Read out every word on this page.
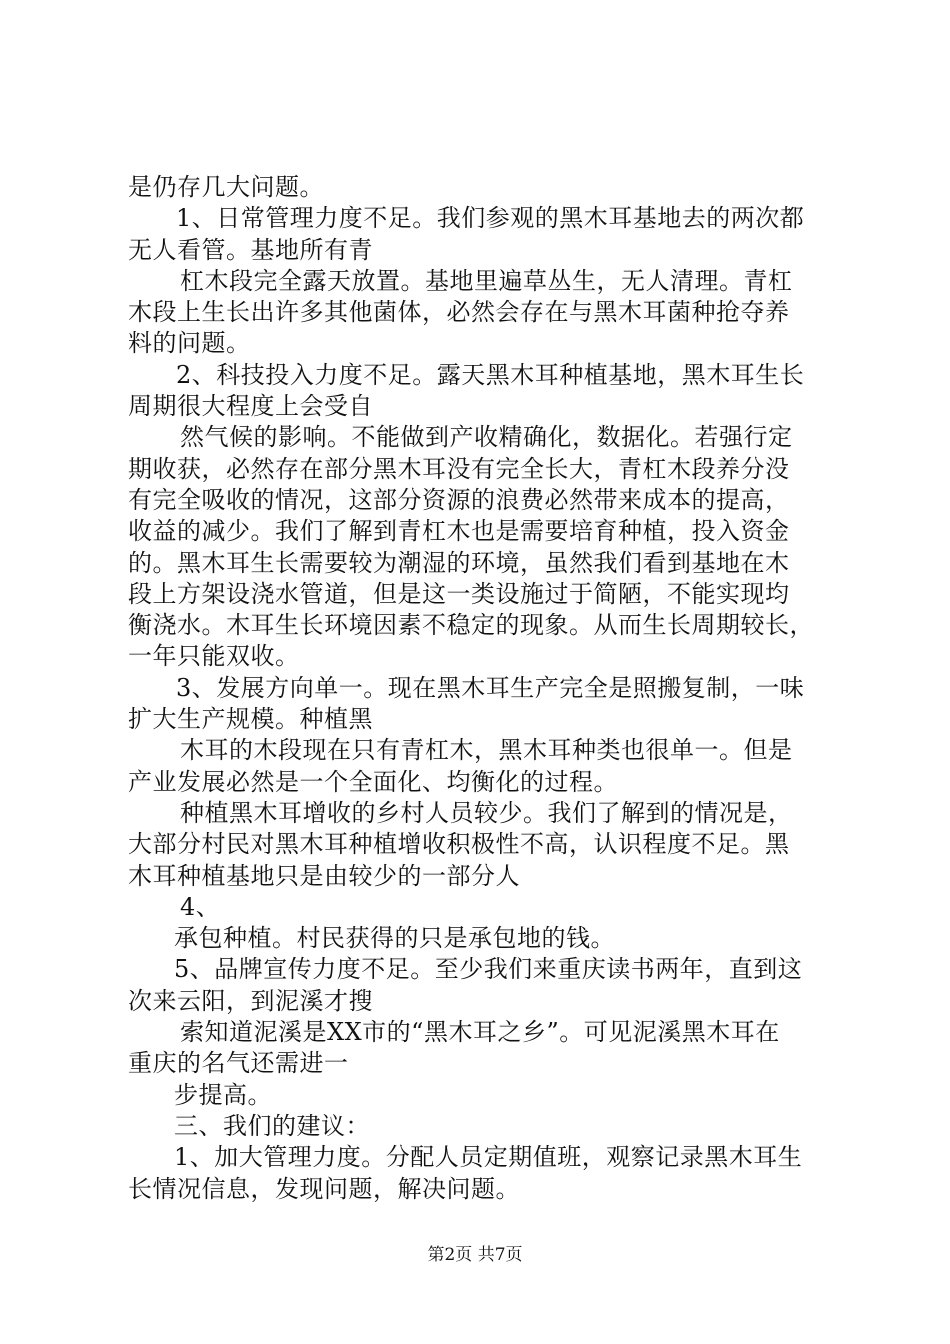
是仍存几大问题。
1、日常管理力度不足。我们参观的黑木耳基地去的两次都
无人看管。基地所有青
杠木段完全露天放置。基地里遍草丛生，无人清理。青杠
木段上生长出许多其他菌体，必然会存在与黑木耳菌种抢夺养
料的问题。
2、科技投入力度不足。露天黑木耳种植基地，黑木耳生长
周期很大程度上会受自
然气候的影响。不能做到产收精确化，数据化。若强行定
期收获，必然存在部分黑木耳没有完全长大，青杠木段养分没
有完全吸收的情况，这部分资源的浪费必然带来成本的提高，
收益的减少。我们了解到青杠木也是需要培育种植，投入资金
的。黑木耳生长需要较为潮湿的环境，虽然我们看到基地在木
段上方架设浇水管道，但是这一类设施过于简陋，不能实现均
衡浇水。木耳生长环境因素不稳定的现象。从而生长周期较长，
一年只能双收。
3、发展方向单一。现在黑木耳生产完全是照搬复制，一味
扩大生产规模。种植黑
木耳的木段现在只有青杠木，黑木耳种类也很单一。但是
产业发展必然是一个全面化、均衡化的过程。
种植黑木耳增收的乡村人员较少。我们了解到的情况是，
大部分村民对黑木耳种植增收积极性不高，认识程度不足。黑
木耳种植基地只是由较少的一部分人
4、
承包种植。村民获得的只是承包地的钱。
5、品牌宣传力度不足。至少我们来重庆读书两年，直到这
次来云阳，到泥溪才搜
索知道泥溪是XX市的“黑木耳之乡”。可见泥溪黑木耳在
重庆的名气还需进一
步提高。
三、我们的建议：
1、加大管理力度。分配人员定期值班，观察记录黑木耳生
长情况信息，发现问题，解决问题。
第2页 共7页
